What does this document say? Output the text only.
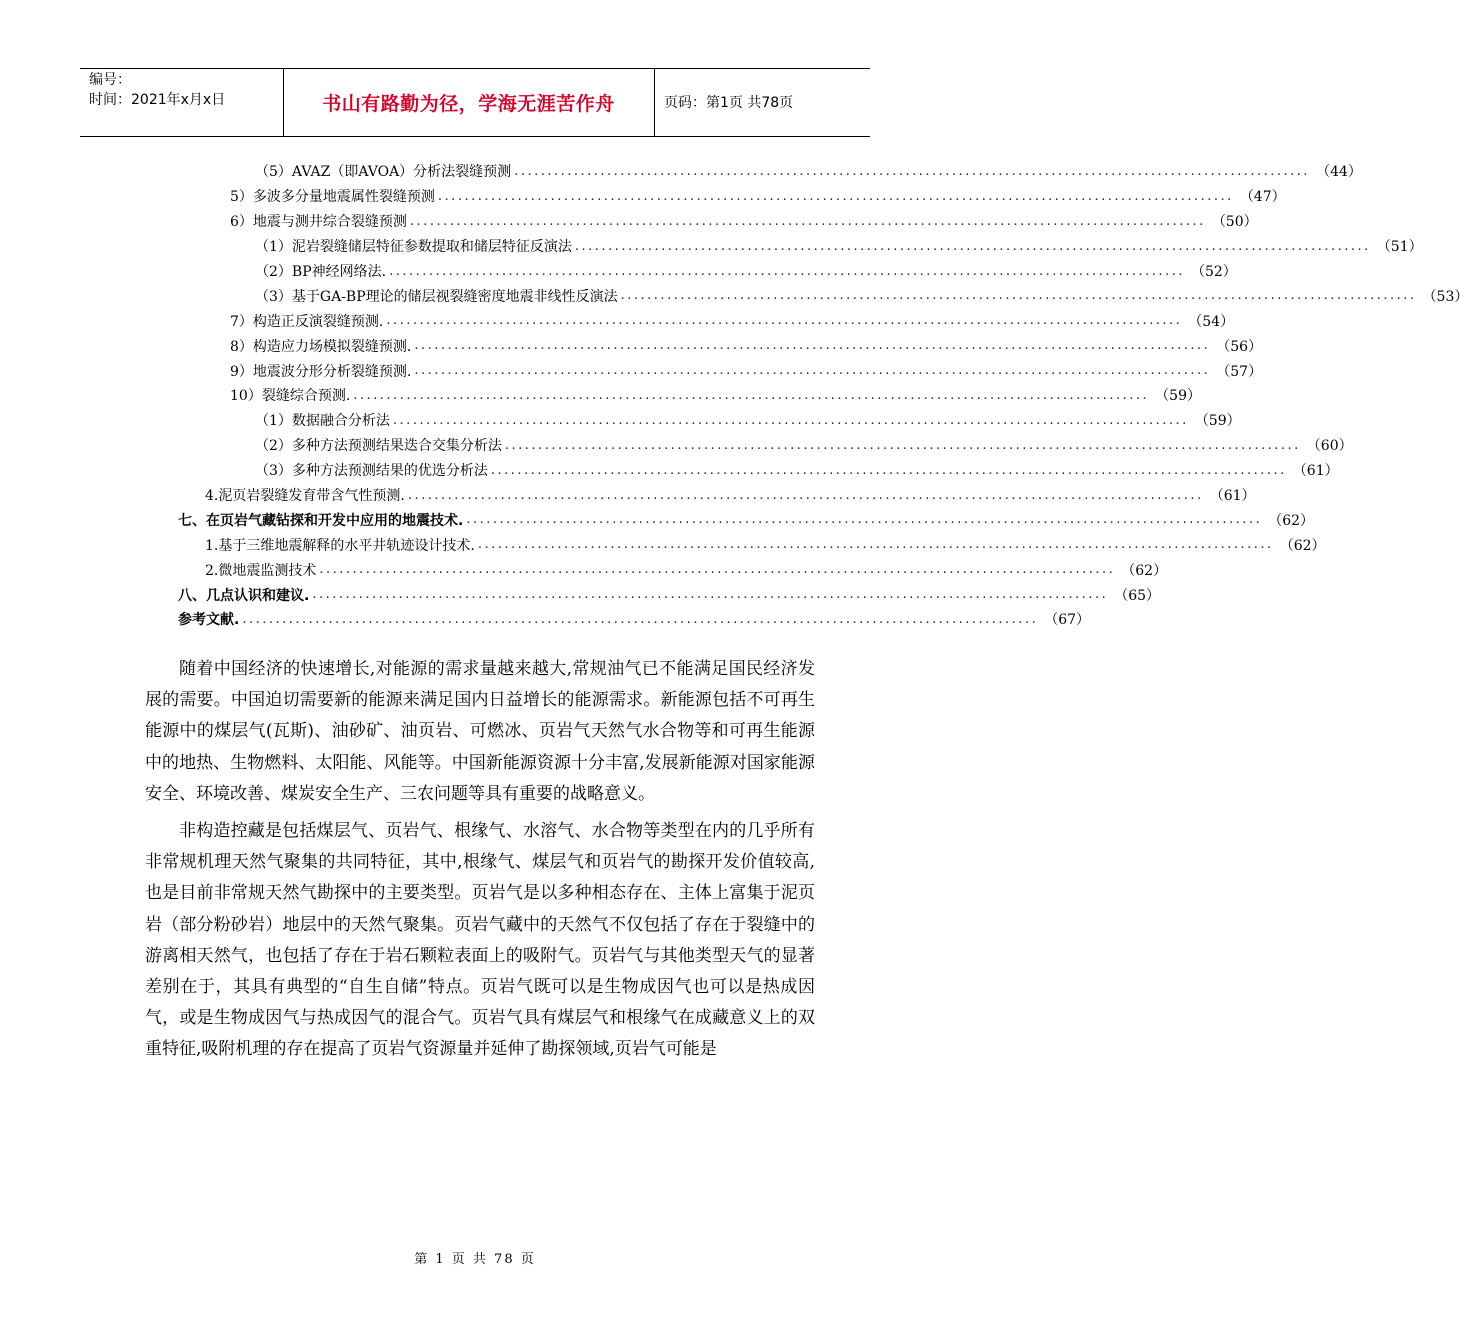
编号：
时间：2021年x月x日	书山有路勤为径，学海无涯苦作舟	页码：第1页 共78页
（5）AVAZ（即AVOA）分析法裂缝预测 ........................................................................................................................ （44）
5）多波多分量地震属性裂缝预测 ........................................................................................................................ （47）
6）地震与测井综合裂缝预测 ........................................................................................................................ （50）
（1）泥岩裂缝储层特征参数提取和储层特征反演法 ........................................................................................................................ （51）
（2）BP神经网络法. ........................................................................................................................ （52）
（3）基于GA-BP理论的储层视裂缝密度地震非线性反演法 ........................................................................................................................ （53）
7）构造正反演裂缝预测. ........................................................................................................................ （54）
8）构造应力场模拟裂缝预测. ........................................................................................................................ （56）
9）地震波分形分析裂缝预测. ........................................................................................................................ （57）
10）裂缝综合预测. ........................................................................................................................ （59）
（1）数据融合分析法 ........................................................................................................................ （59）
（2）多种方法预测结果迭合交集分析法 ........................................................................................................................ （60）
（3）多种方法预测结果的优选分析法 ........................................................................................................................ （61）
4.泥页岩裂缝发育带含气性预测. ........................................................................................................................ （61）
七、在页岩气藏钻探和开发中应用的地震技术. ........................................................................................................................ （62）
1.基于三维地震解释的水平井轨迹设计技术. ........................................................................................................................ （62）
2.微地震监测技术 ........................................................................................................................ （62）
八、几点认识和建议. ........................................................................................................................ （65）
参考文献. ........................................................................................................................ （67）

随着中国经济的快速增长,对能源的需求量越来越大,常规油气已不能满足国民经济发展的需要。中国迫切需要新的能源来满足国内日益增长的能源需求。新能源包括不可再生能源中的煤层气(瓦斯)、油砂矿、油页岩、可燃冰、页岩气天然气水合物等和可再生能源中的地热、生物燃料、太阳能、风能等。中国新能源资源十分丰富,发展新能源对国家能源安全、环境改善、煤炭安全生产、三农问题等具有重要的战略意义。

非构造控藏是包括煤层气、页岩气、根缘气、水溶气、水合物等类型在内的几乎所有非常规机理天然气聚集的共同特征，其中,根缘气、煤层气和页岩气的勘探开发价值较高,也是目前非常规天然气勘探中的主要类型。页岩气是以多种相态存在、主体上富集于泥页岩（部分粉砂岩）地层中的天然气聚集。页岩气藏中的天然气不仅包括了存在于裂缝中的游离相天然气，也包括了存在于岩石颗粒表面上的吸附气。页岩气与其他类型天气的显著差别在于，其具有典型的“自生自储”特点。页岩气既可以是生物成因气也可以是热成因气，或是生物成因气与热成因气的混合气。页岩气具有煤层气和根缘气在成藏意义上的双重特征,吸附机理的存在提高了页岩气资源量并延伸了勘探领域,页岩气可能是

第 1 页 共 78 页
